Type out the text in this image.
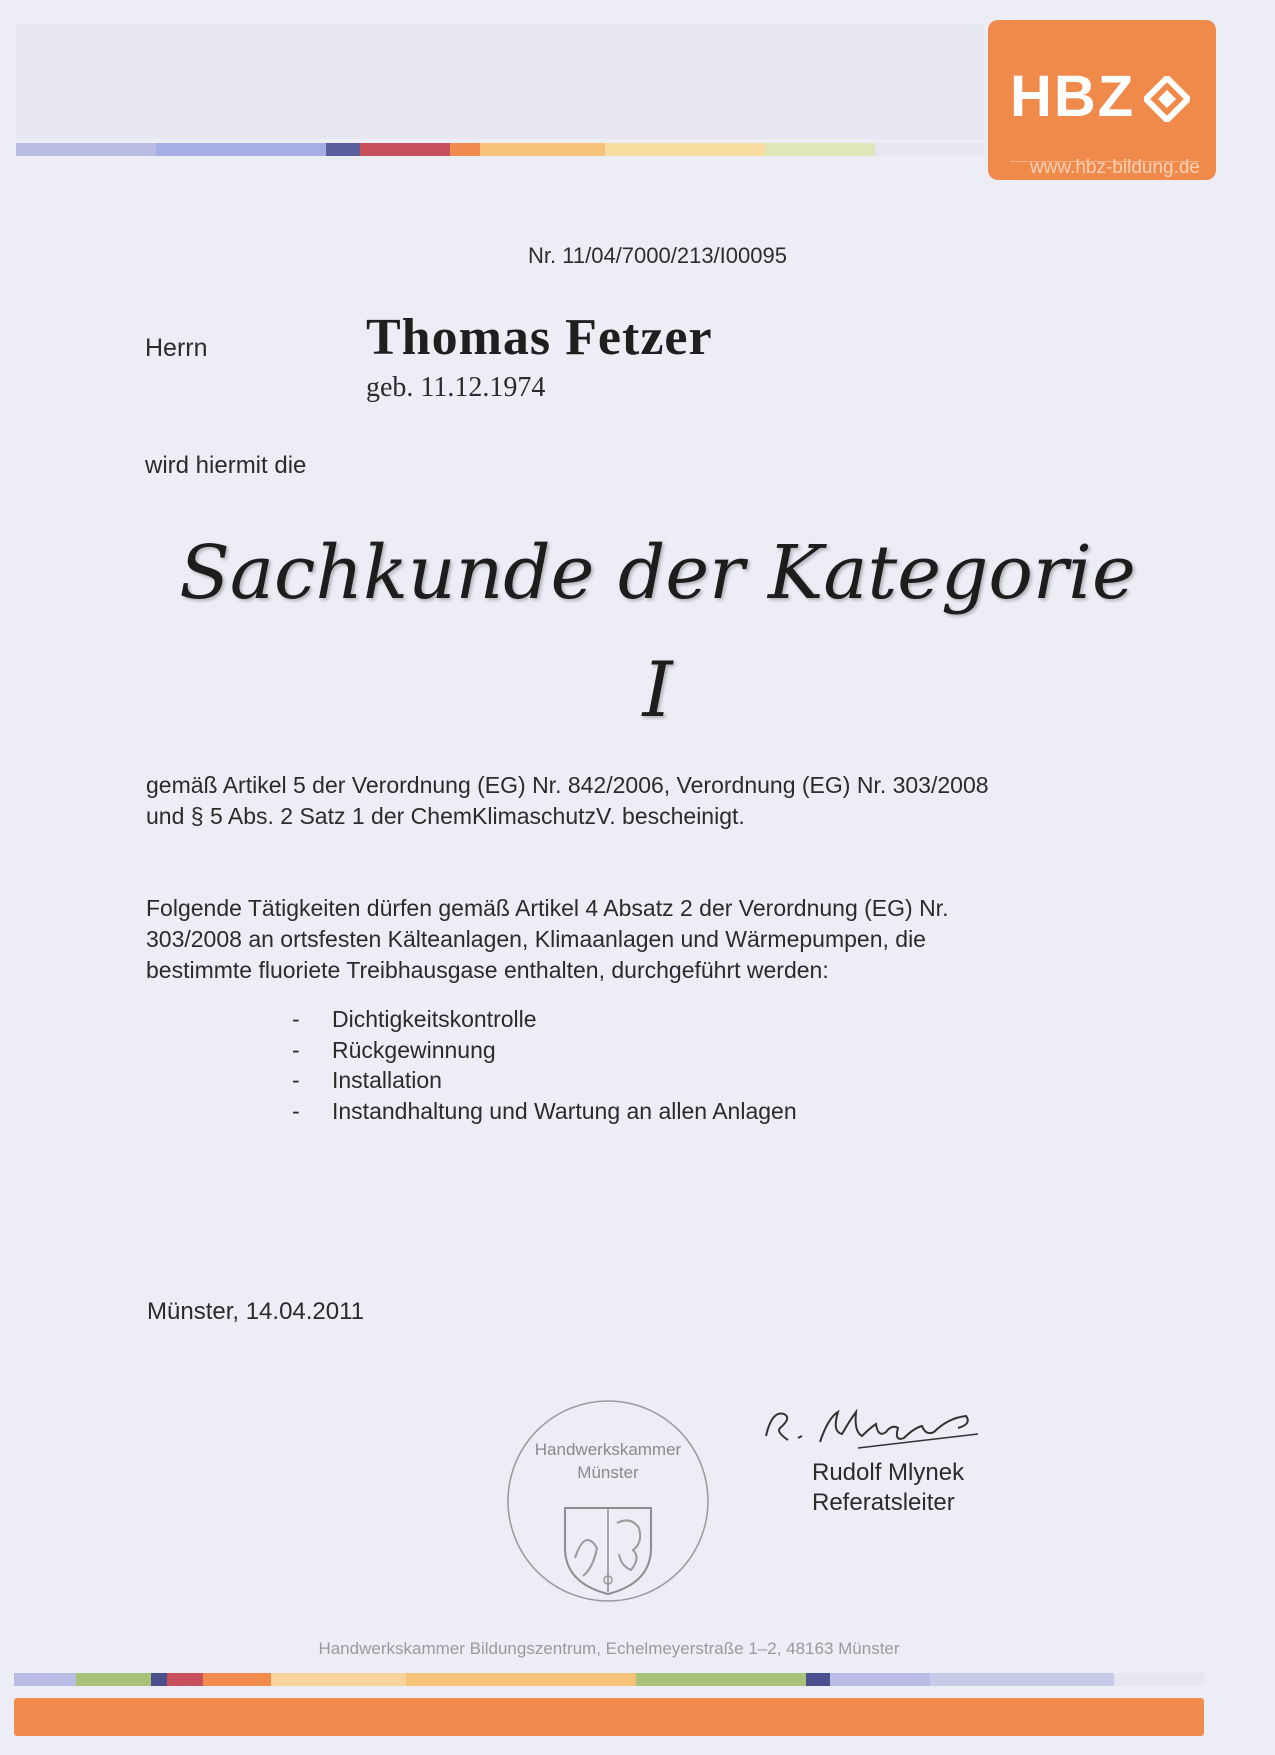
HBZ
www.hbz-bildung.de
Nr. 11/04/7000/213/I00095
Herrn	Thomas Fetzer
geb. 11.12.1974
wird hiermit die
Sachkunde der Kategorie
I
gemäß Artikel 5 der Verordnung (EG) Nr. 842/2006, Verordnung (EG) Nr. 303/2008
und § 5 Abs. 2 Satz 1 der ChemKlimaschutzV. bescheinigt.
Folgende Tätigkeiten dürfen gemäß Artikel 4 Absatz 2 der Verordnung (EG) Nr.
303/2008 an ortsfesten Kälteanlagen, Klimaanlagen und Wärmepumpen, die
bestimmte fluoriete Treibhausgase enthalten, durchgeführt werden:
- Dichtigkeitskontrolle
- Rückgewinnung
- Installation
- Instandhaltung und Wartung an allen Anlagen
Münster, 14.04.2011
Handwerkskammer
Münster	Rudolf Mlynek
Referatsleiter
Handwerkskammer Bildungszentrum, Echelmeyerstraße 1–2, 48163 Münster
